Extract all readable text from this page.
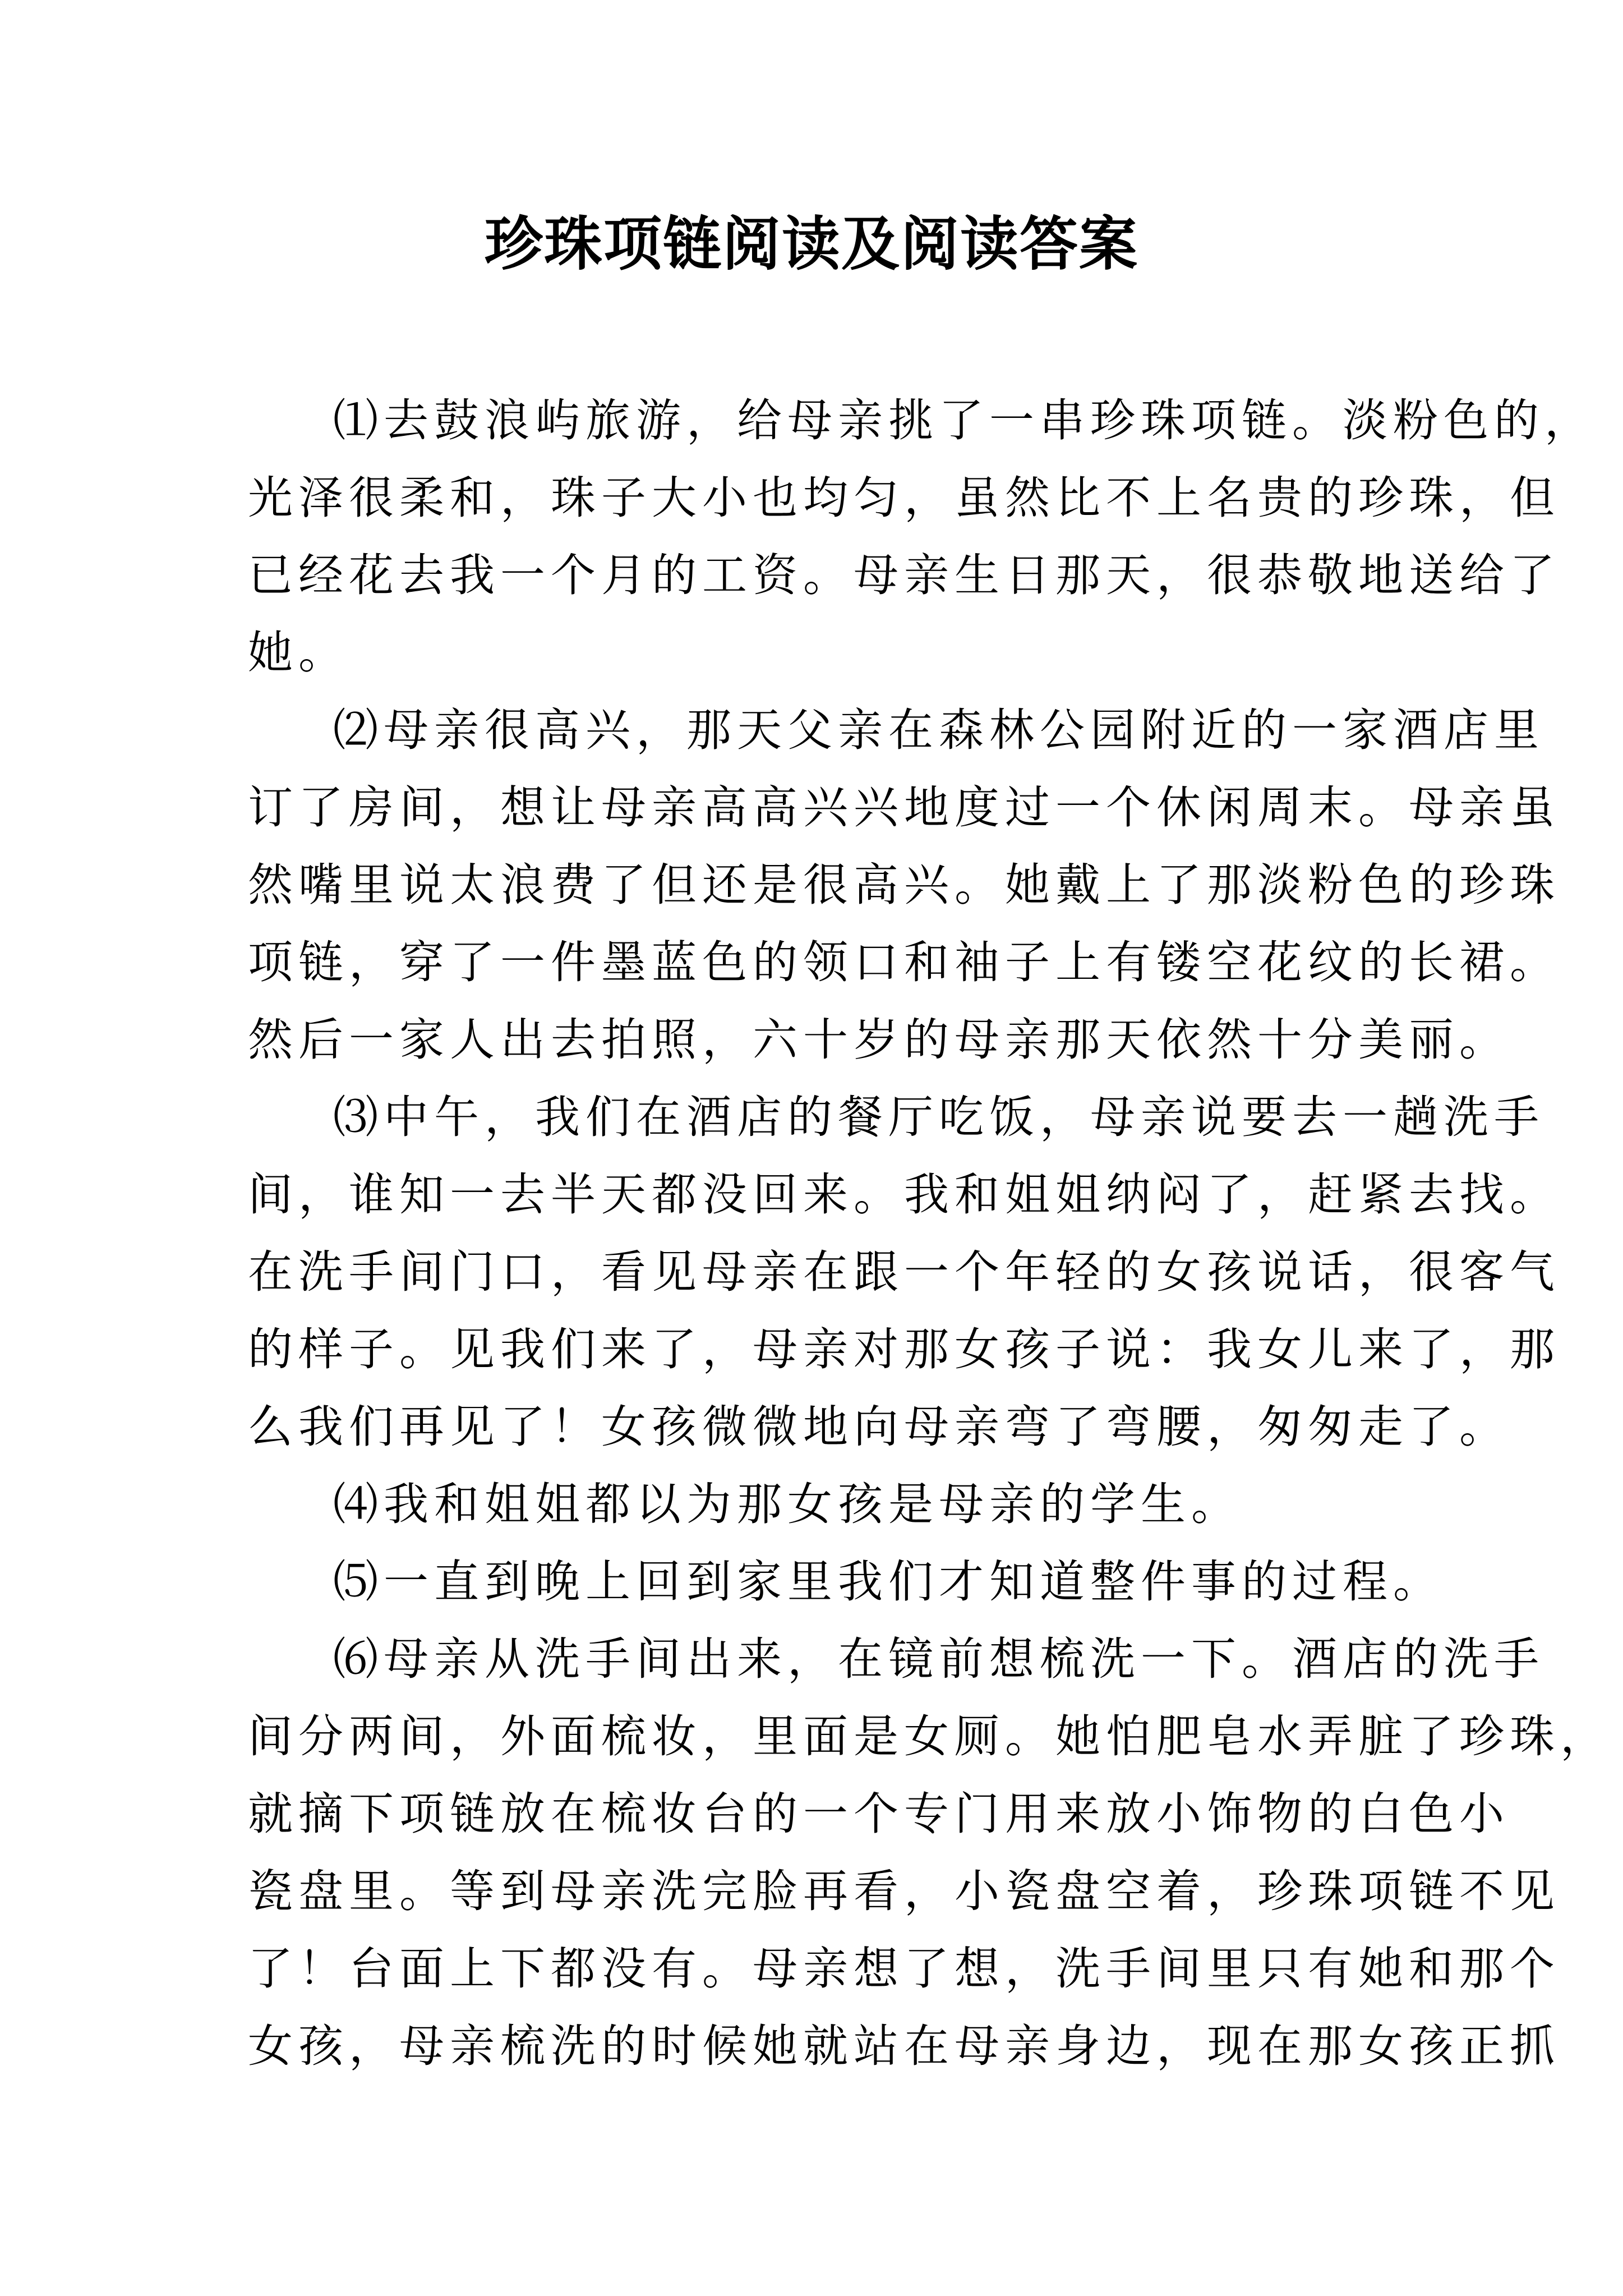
珍珠项链阅读及阅读答案
⑴去鼓浪屿旅游，给母亲挑了一串珍珠项链。淡粉色的，
光泽很柔和，珠子大小也均匀，虽然比不上名贵的珍珠，但
已经花去我一个月的工资。母亲生日那天，很恭敬地送给了
她。
⑵母亲很高兴，那天父亲在森林公园附近的一家酒店里
订了房间，想让母亲高高兴兴地度过一个休闲周末。母亲虽
然嘴里说太浪费了但还是很高兴。她戴上了那淡粉色的珍珠
项链，穿了一件墨蓝色的领口和袖子上有镂空花纹的长裙。
然后一家人出去拍照，六十岁的母亲那天依然十分美丽。
⑶中午，我们在酒店的餐厅吃饭，母亲说要去一趟洗手
间，谁知一去半天都没回来。我和姐姐纳闷了，赶紧去找。
在洗手间门口，看见母亲在跟一个年轻的女孩说话，很客气
的样子。见我们来了，母亲对那女孩子说：我女儿来了，那
么我们再见了！女孩微微地向母亲弯了弯腰，匆匆走了。
⑷我和姐姐都以为那女孩是母亲的学生。
⑸一直到晚上回到家里我们才知道整件事的过程。
⑹母亲从洗手间出来，在镜前想梳洗一下。酒店的洗手
间分两间，外面梳妆，里面是女厕。她怕肥皂水弄脏了珍珠，
就摘下项链放在梳妆台的一个专门用来放小饰物的白色小
瓷盘里。等到母亲洗完脸再看，小瓷盘空着，珍珠项链不见
了！台面上下都没有。母亲想了想，洗手间里只有她和那个
女孩，母亲梳洗的时候她就站在母亲身边，现在那女孩正抓
